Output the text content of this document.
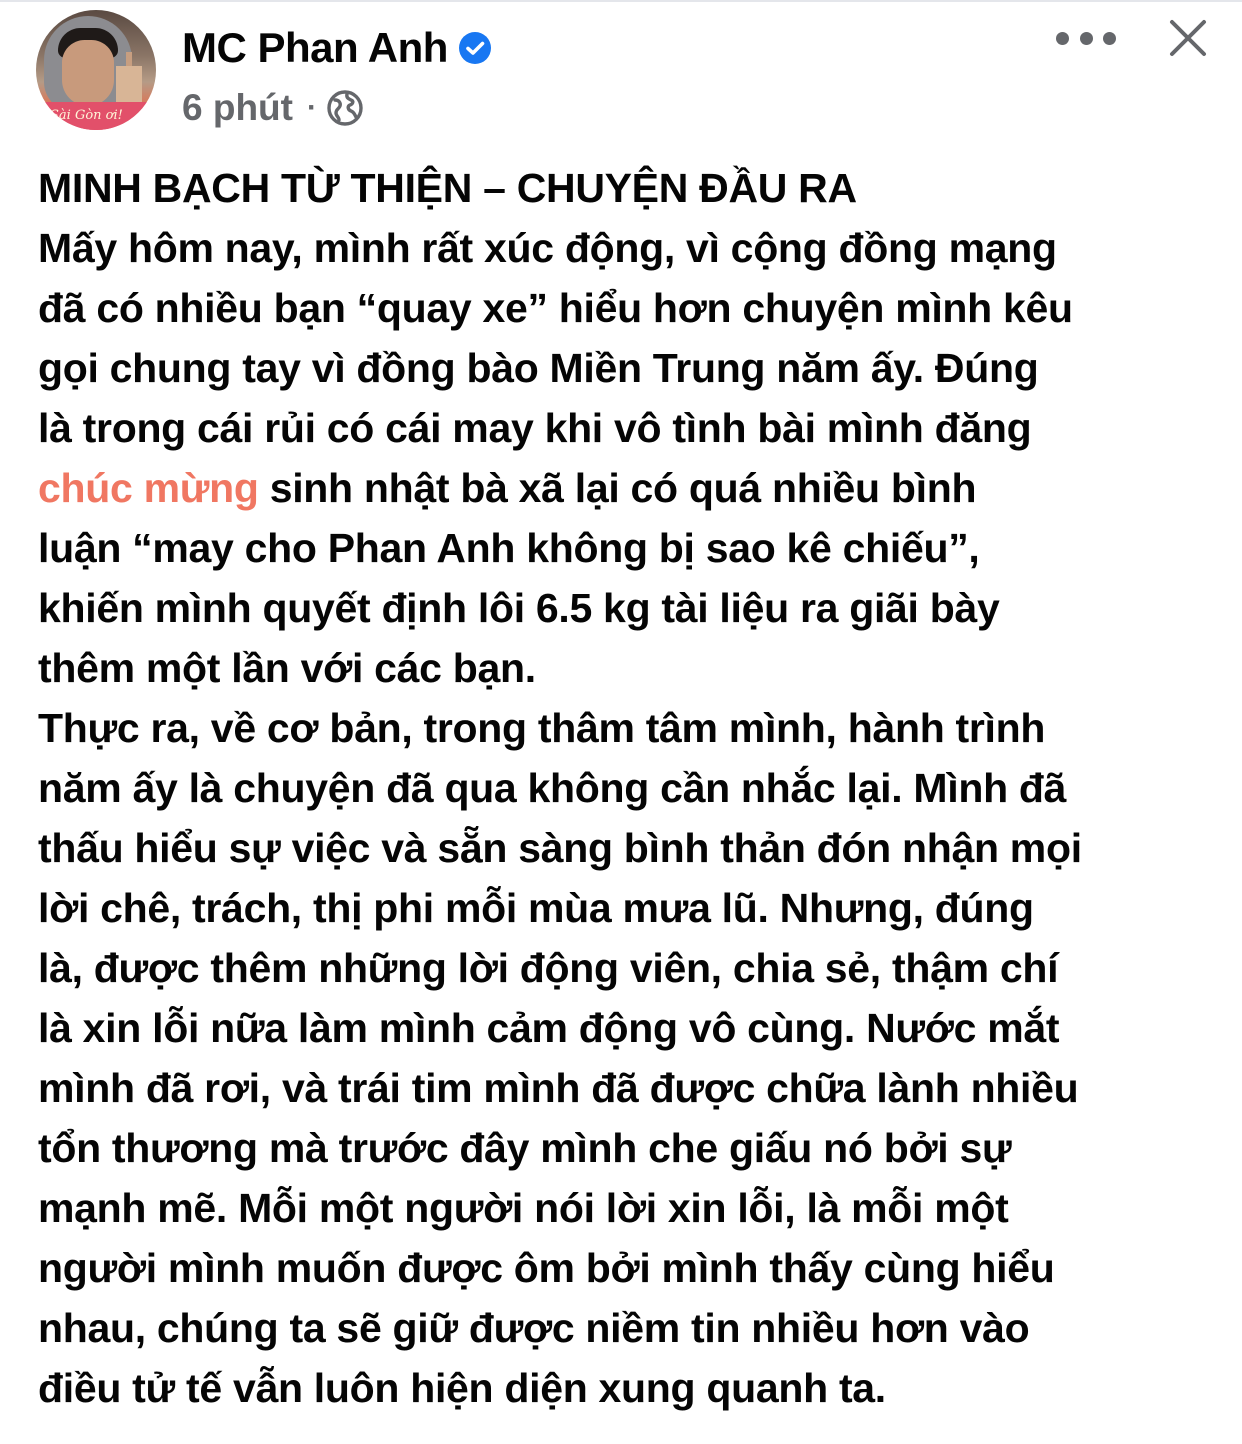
Sài Gòn ơi!
MC Phan Anh
6 phút ·
MINH BẠCH TỪ THIỆN – CHUYỆN ĐẦU RA
Mấy hôm nay, mình rất xúc động, vì cộng đồng mạng
đã có nhiều bạn “quay xe” hiểu hơn chuyện mình kêu
gọi chung tay vì đồng bào Miền Trung năm ấy. Đúng
là trong cái rủi có cái may khi vô tình bài mình đăng
chúc mừng sinh nhật bà xã lại có quá nhiều bình
luận “may cho Phan Anh không bị sao kê chiếu”,
khiến mình quyết định lôi 6.5 kg tài liệu ra giãi bày
thêm một lần với các bạn.
Thực ra, về cơ bản, trong thâm tâm mình, hành trình
năm ấy là chuyện đã qua không cần nhắc lại. Mình đã
thấu hiểu sự việc và sẵn sàng bình thản đón nhận mọi
lời chê, trách, thị phi mỗi mùa mưa lũ. Nhưng, đúng
là, được thêm những lời động viên, chia sẻ, thậm chí
là xin lỗi nữa làm mình cảm động vô cùng. Nước mắt
mình đã rơi, và trái tim mình đã được chữa lành nhiều
tổn thương mà trước đây mình che giấu nó bởi sự
mạnh mẽ. Mỗi một người nói lời xin lỗi, là mỗi một
người mình muốn được ôm bởi mình thấy cùng hiểu
nhau, chúng ta sẽ giữ được niềm tin nhiều hơn vào
điều tử tế vẫn luôn hiện diện xung quanh ta.
